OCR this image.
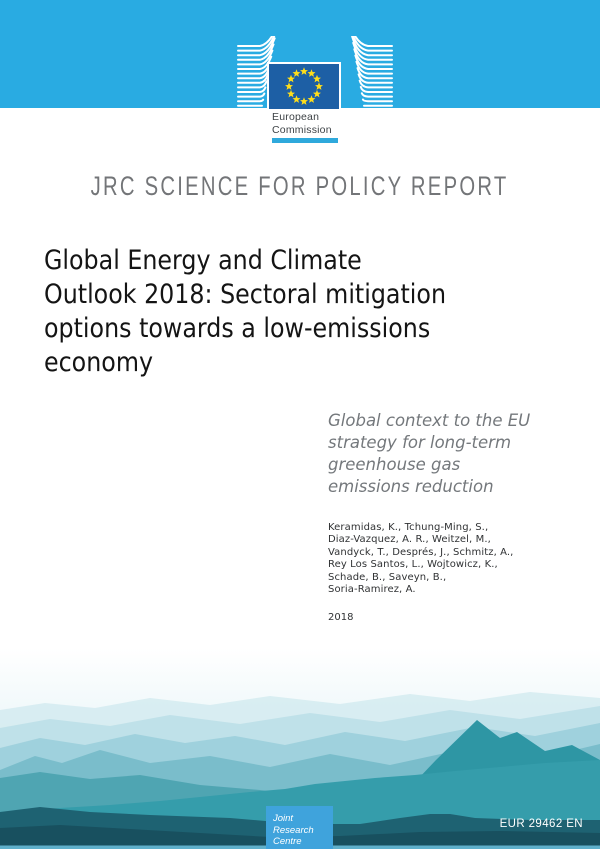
European
Commission
JRC SCIENCE FOR POLICY REPORT
Global Energy and Climate
Outlook 2018: Sectoral mitigation
options towards a low-emissions
economy
Global context to the EU
strategy for long-term
greenhouse gas
emissions reduction
Keramidas, K., Tchung-Ming, S.,
Diaz-Vazquez, A. R., Weitzel, M.,
Vandyck, T., Després, J., Schmitz, A.,
Rey Los Santos, L., Wojtowicz, K.,
Schade, B., Saveyn, B.,
Soria-Ramirez, A.
2018
Joint
Research
Centre
EUR 29462 EN
